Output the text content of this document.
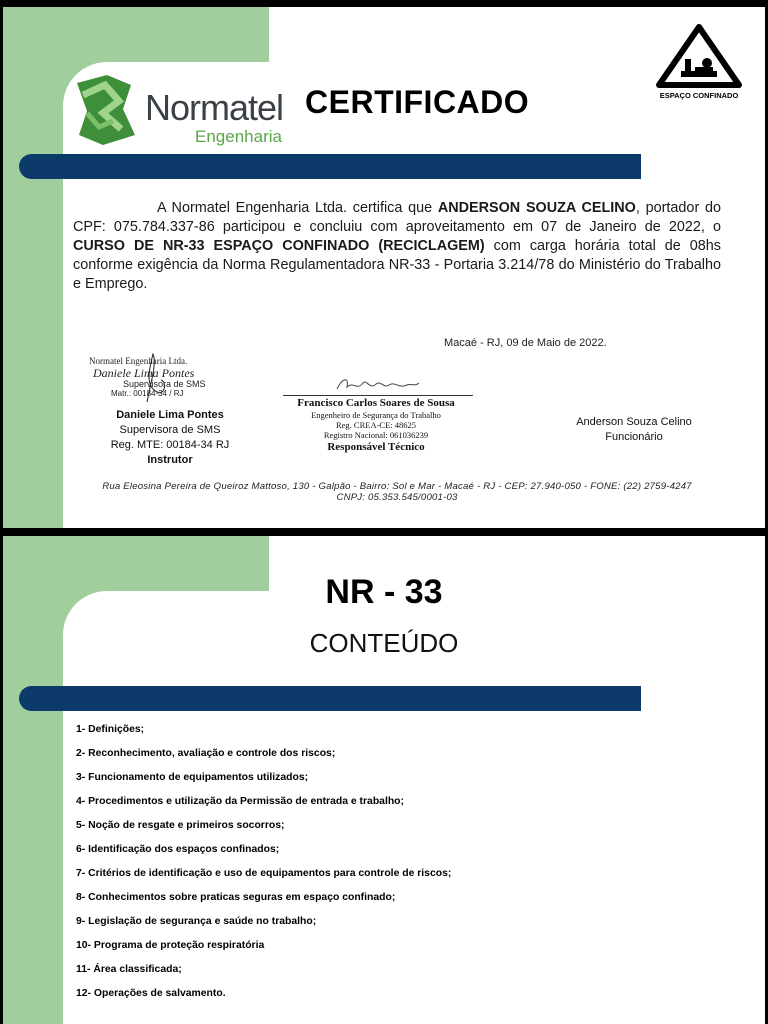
Normatel
Engenharia
CERTIFICADO	ESPAÇO CONFINADO
A Normatel Engenharia Ltda. certifica que ANDERSON SOUZA CELINO, portador do CPF: 075.784.337-86 participou e concluiu com aproveitamento em 07 de Janeiro de 2022, o CURSO DE NR-33 ESPAÇO CONFINADO (RECICLAGEM) com carga horária total de 08hs conforme exigência da Norma Regulamentadora NR-33 - Portaria 3.214/78 do Ministério do Trabalho e Emprego.
Macaé - RJ, 09 de Maio de 2022.
Normatel Engenharia Ltda.
Daniele Lima Pontes
Supervisora de SMS
Matr.: 00184-34 / RJ
Daniele Lima Pontes
Supervisora de SMS
Reg. MTE: 00184-34 RJ
Instrutor
Francisco Carlos Soares de Sousa
Engenheiro de Segurança do Trabalho
Reg. CREA-CE: 48625
Registro Nacional: 061036239
Responsável Técnico
Anderson Souza Celino
Funcionário
Rua Eleosina Pereira de Queiroz Mattoso, 130 - Galpão - Bairro: Sol e Mar - Macaé - RJ - CEP: 27.940-050 - FONE: (22) 2759-4247
CNPJ: 05.353.545/0001-03
NR - 33
CONTEÚDO
1- Definições;
2- Reconhecimento, avaliação e controle dos riscos;
3- Funcionamento de equipamentos utilizados;
4- Procedimentos e utilização da Permissão de entrada e trabalho;
5- Noção de resgate e primeiros socorros;
6- Identificação dos espaços confinados;
7- Critérios de identificação e uso de equipamentos para controle de riscos;
8- Conhecimentos sobre praticas seguras em espaço confinado;
9- Legislação de segurança e saúde no trabalho;
10- Programa de proteção respiratória
11- Área classificada;
12- Operações de salvamento.
